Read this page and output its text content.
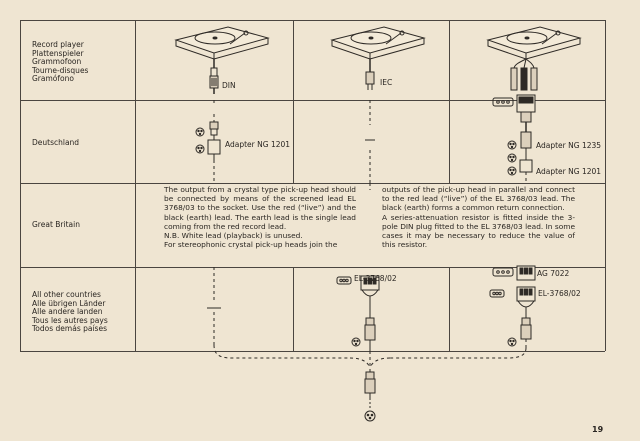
Record player
Plattenspieler
Grammofoon
Tourne-disques
Gramófono
Deutschland
Great Britain
All other countries
Alle übrigen Länder
Alle andere landen
Tous les autres pays
Todos demás países
DIN	IEC
Adapter NG 1201	Adapter NG 1235
Adapter NG 1201
AG 7022
EL-3768/02
EL-3768/02

The output from a crystal type pick-up head should be connected by means of the screened lead EL 3768/03 to the socket. Use the red (“live”) and the black (earth) lead. The earth lead is the single lead coming from the red record lead.

N.B. White lead (playback) is unused.

For stereophonic crystal pick-up heads join the

outputs of the pick-up head in parallel and connect to the red lead (“live”) of the EL 3768/03 lead. The black (earth) forms a common return connection.

A series-attenuation resistor is fitted inside the 3-pole DIN plug fitted to the EL 3768/03 lead. In some cases it may be necessary to reduce the value of this resistor.

19
